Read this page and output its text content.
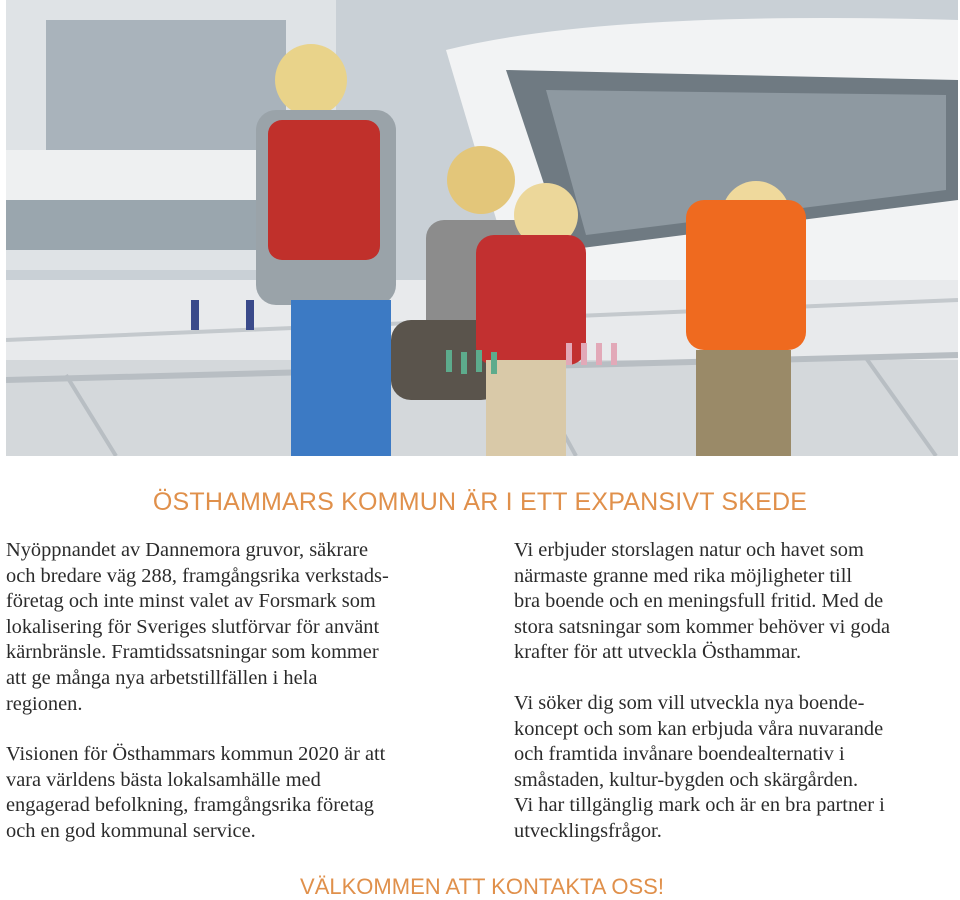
ÖSTHAMMARS KOMMUN ÄR I ETT EXPANSIVT SKEDE

Nyöppnandet av Dannemora gruvor, säkrare
och bredare väg 288, framgångsrika verkstads-
företag och inte minst valet av Forsmark som
lokalisering för Sveriges slutförvar för använt
kärnbränsle. Framtidssatsningar som kommer
att ge många nya arbetstillfällen i hela
regionen.

Visionen för Östhammars kommun 2020 är att
vara världens bästa lokalsamhälle med
engagerad befolkning, framgångsrika företag
och en god kommunal service.

Vi erbjuder storslagen natur och havet som
närmaste granne med rika möjligheter till
bra boende och en meningsfull fritid. Med de
stora satsningar som kommer behöver vi goda
krafter för att utveckla Östhammar.

Vi söker dig som vill utveckla nya boende-
koncept och som kan erbjuda våra nuvarande
och framtida invånare boendealternativ i
småstaden, kultur-bygden och skärgården.
Vi har tillgänglig mark och är en bra partner i
utvecklingsfrågor.

VÄLKOMMEN ATT KONTAKTA OSS!
